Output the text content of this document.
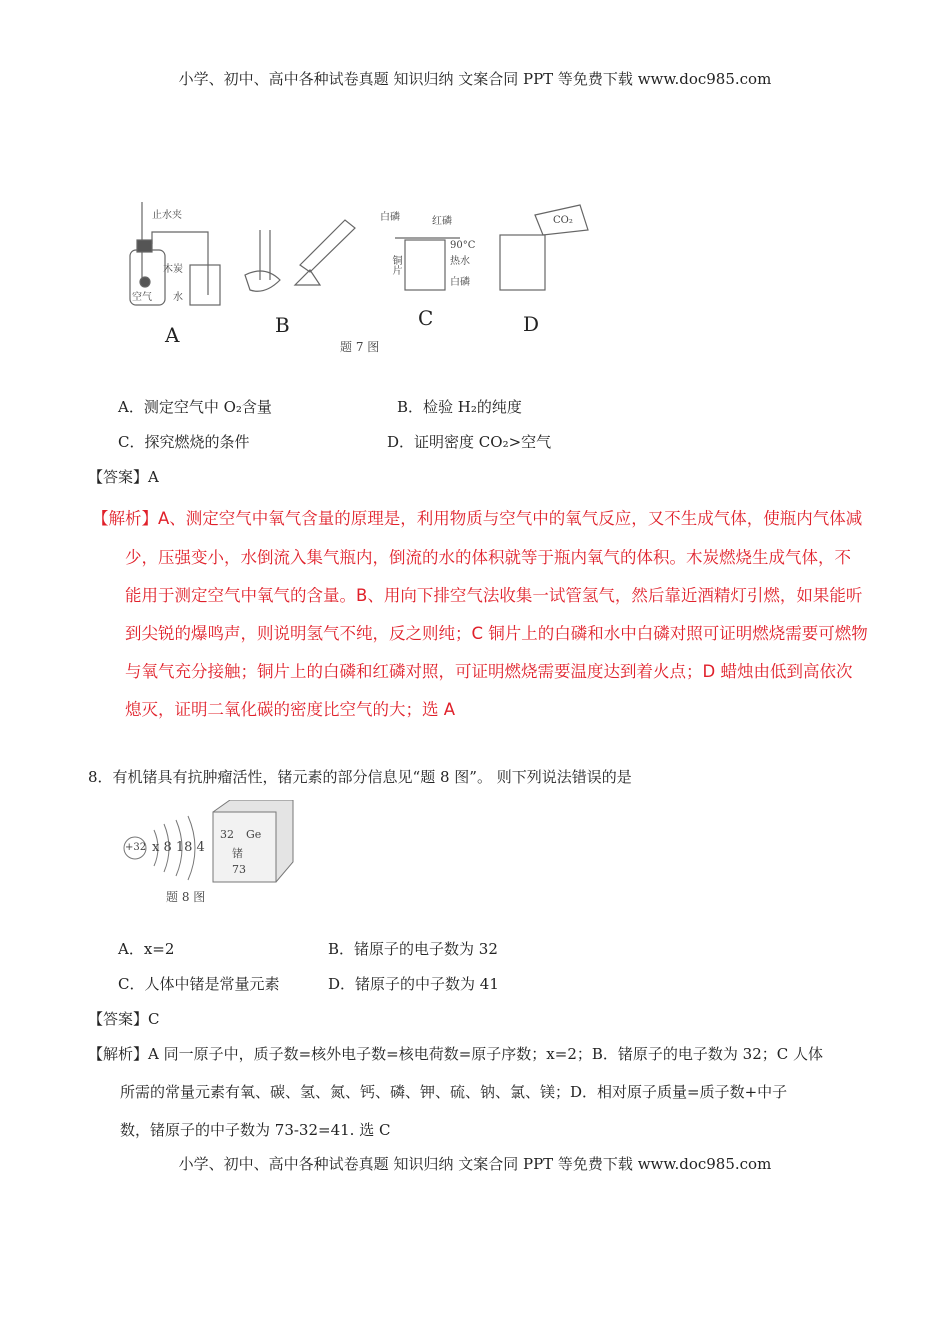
小学、初中、高中各种试卷真题 知识归纳 文案合同 PPT 等免费下载 www.doc985.com
止水夹
木炭
空气 水
白磷	红磷
90°C
热水
铜片
白磷
CO₂
A	B	C	D
题 7 图
A．测定空气中 O₂含量	B．检验 H₂的纯度
C．探究燃烧的条件	D．证明密度 CO₂>空气
【答案】A
【解析】A、测定空气中氧气含量的原理是，利用物质与空气中的氧气反应，又不生成气体，使瓶内气体减
少，压强变小，水倒流入集气瓶内，倒流的水的体积就等于瓶内氧气的体积。木炭燃烧生成气体，不
能用于测定空气中氧气的含量。B、用向下排空气法收集一试管氢气，然后靠近酒精灯引燃，如果能听
到尖锐的爆鸣声，则说明氢气不纯，反之则纯；C 铜片上的白磷和水中白磷对照可证明燃烧需要可燃物
与氧气充分接触；铜片上的白磷和红磷对照，可证明燃烧需要温度达到着火点；D 蜡烛由低到高依次
熄灭，证明二氧化碳的密度比空气的大；选 A
8．有机锗具有抗肿瘤活性，锗元素的部分信息见“题 8 图”。 则下列说法错误的是
+32 x 8 18 4
32 Ge
锗
73
题 8 图
A．x=2	B．锗原子的电子数为 32
C．人体中锗是常量元素	D．锗原子的中子数为 41
【答案】C
【解析】A 同一原子中，质子数=核外电子数=核电荷数=原子序数；x=2；B．锗原子的电子数为 32；C 人体
所需的常量元素有氧、碳、氢、氮、钙、磷、钾、硫、钠、氯、镁；D．相对原子质量=质子数+中子
数，锗原子的中子数为 73-32=41. 选 C
小学、初中、高中各种试卷真题 知识归纳 文案合同 PPT 等免费下载 www.doc985.com
